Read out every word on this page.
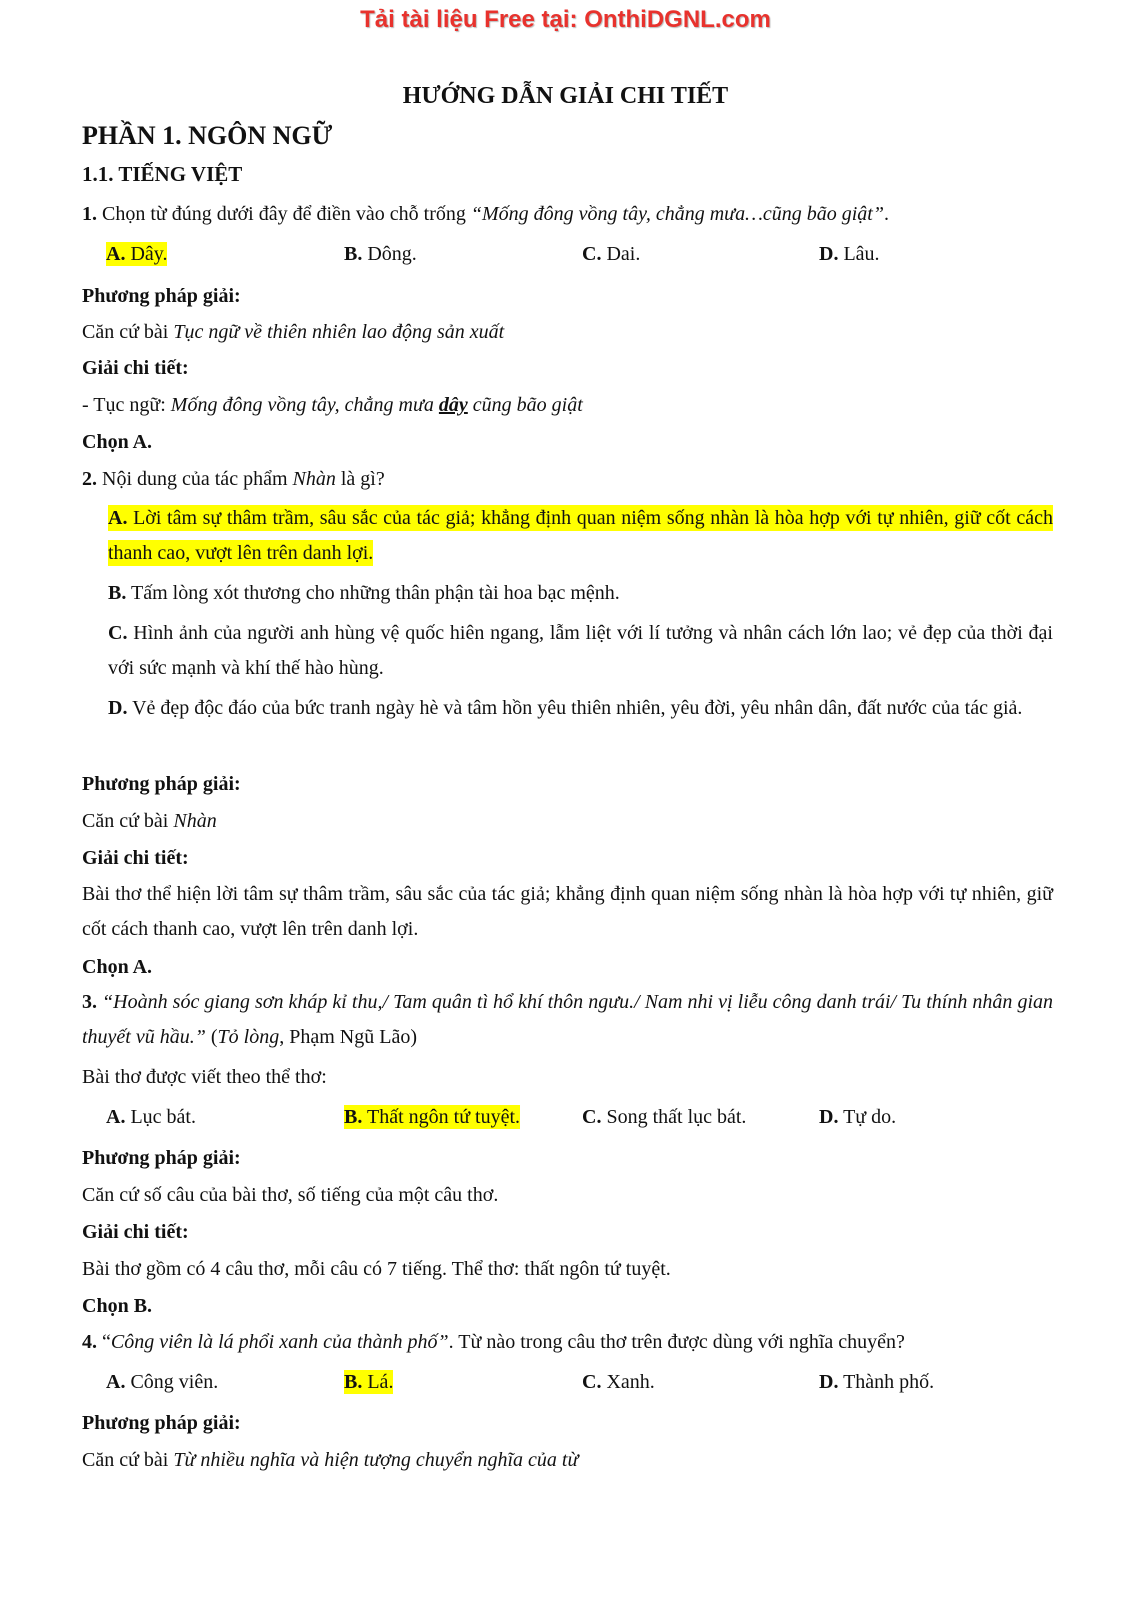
Tải tài liệu Free tại: OnthiDGNL.com
HƯỚNG DẪN GIẢI CHI TIẾT
PHẦN 1. NGÔN NGỮ
1.1. TIẾNG VIỆT
1. Chọn từ đúng dưới đây để điền vào chỗ trống “Mống đông vồng tây, chẳng mưa…cũng bão giật”.
A. Dây.	B. Dông.	C. Dai.	D. Lâu.
Phương pháp giải:
Căn cứ bài Tục ngữ về thiên nhiên lao động sản xuất
Giải chi tiết:
- Tục ngữ: Mống đông vồng tây, chẳng mưa dây cũng bão giật
Chọn A.
2. Nội dung của tác phẩm Nhàn là gì?
A. Lời tâm sự thâm trầm, sâu sắc của tác giả; khẳng định quan niệm sống nhàn là hòa hợp với tự nhiên, giữ cốt cách thanh cao, vượt lên trên danh lợi.
B. Tấm lòng xót thương cho những thân phận tài hoa bạc mệnh.
C. Hình ảnh của người anh hùng vệ quốc hiên ngang, lẫm liệt với lí tưởng và nhân cách lớn lao; vẻ đẹp của thời đại với sức mạnh và khí thế hào hùng.
D. Vẻ đẹp độc đáo của bức tranh ngày hè và tâm hồn yêu thiên nhiên, yêu đời, yêu nhân dân, đất nước của tác giả.
Phương pháp giải:
Căn cứ bài Nhàn
Giải chi tiết:
Bài thơ thể hiện lời tâm sự thâm trầm, sâu sắc của tác giả; khẳng định quan niệm sống nhàn là hòa hợp với tự nhiên, giữ cốt cách thanh cao, vượt lên trên danh lợi.
Chọn A.
3. “Hoành sóc giang sơn kháp kỉ thu,/ Tam quân tì hổ khí thôn ngưu./ Nam nhi vị liễu công danh trái/ Tu thính nhân gian thuyết vũ hầu.” (Tỏ lòng, Phạm Ngũ Lão)
Bài thơ được viết theo thể thơ:
A. Lục bát.	B. Thất ngôn tứ tuyệt.	C. Song thất lục bát.	D. Tự do.
Phương pháp giải:
Căn cứ số câu của bài thơ, số tiếng của một câu thơ.
Giải chi tiết:
Bài thơ gồm có 4 câu thơ, mỗi câu có 7 tiếng. Thể thơ: thất ngôn tứ tuyệt.
Chọn B.
4. “Công viên là lá phổi xanh của thành phố”. Từ nào trong câu thơ trên được dùng với nghĩa chuyển?
A. Công viên.	B. Lá.	C. Xanh.	D. Thành phố.
Phương pháp giải:
Căn cứ bài Từ nhiều nghĩa và hiện tượng chuyển nghĩa của từ
